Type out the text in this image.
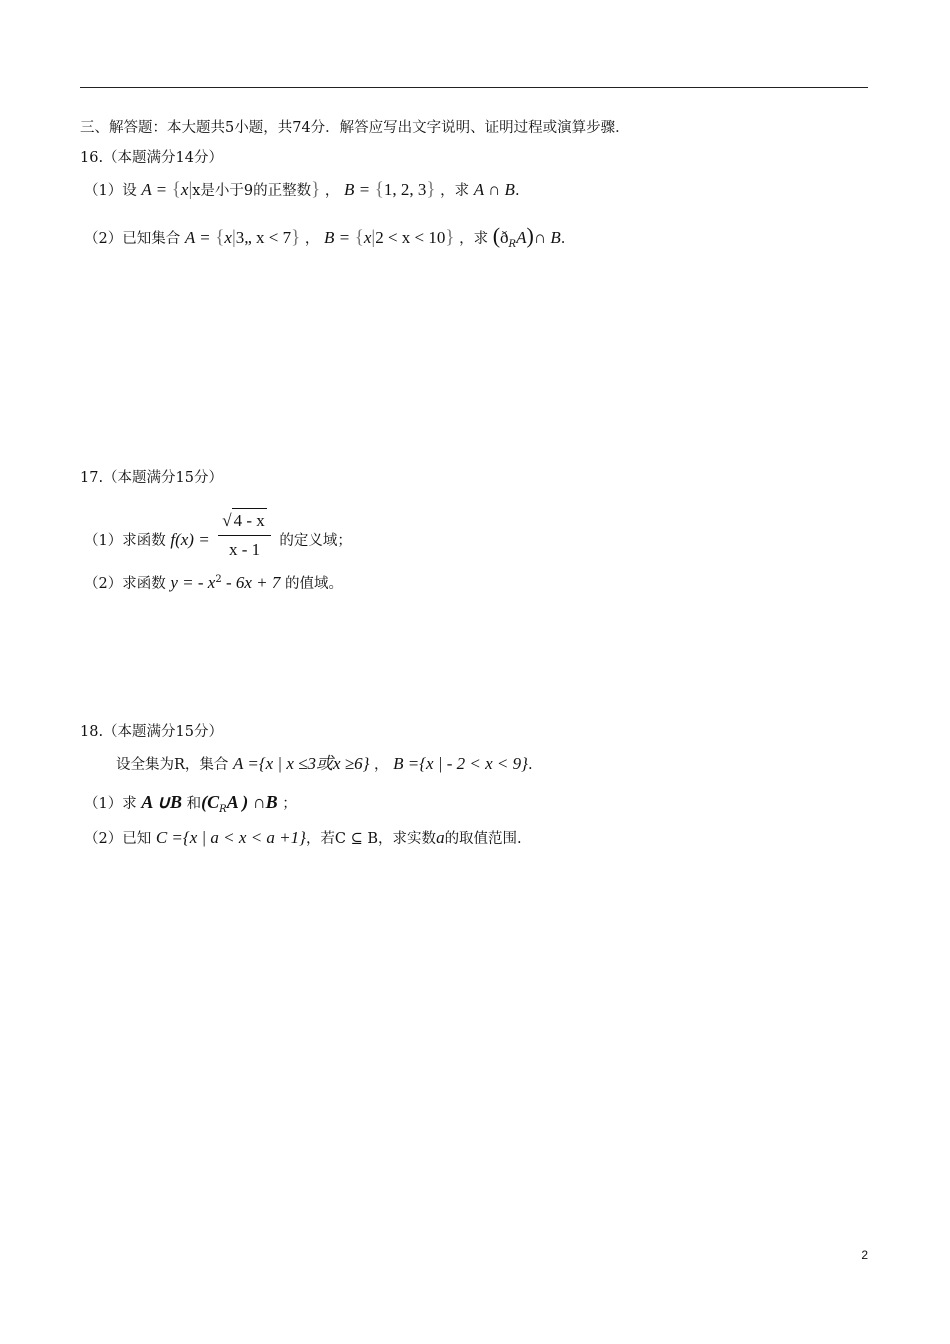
三、解答题：本大题共5小题，共74分．解答应写出文字说明、证明过程或演算步骤．
16.（本题满分14分）
（1）设 A = {x|x是小于9的正整数} ， B = {1, 2, 3} ，求 A ∩ B.
（2）已知集合 A = {x|3„ x < 7} ， B = {x|2 < x < 10} ，求 $(ð_RA)\cap$ B.
17.（本题满分15分）
（1）求函数 $f(x) = \frac{√ 4 - x}{x - 1}$ 的定义域；
（2）求函数 y = - $x^2 - 6x + 7$ 的值域。
18.（本题满分15分）
设全集为R，集合 A ={x | x ≤3或x ≥6} ， B ={x | - 2 < x < 9}.
（1）求 A ∪B 和($C_RA$ ) ∩B ；
（2）已知 C ={x | a < x < a +1}，若C ⊆ B，求实数a的取值范围.
2
